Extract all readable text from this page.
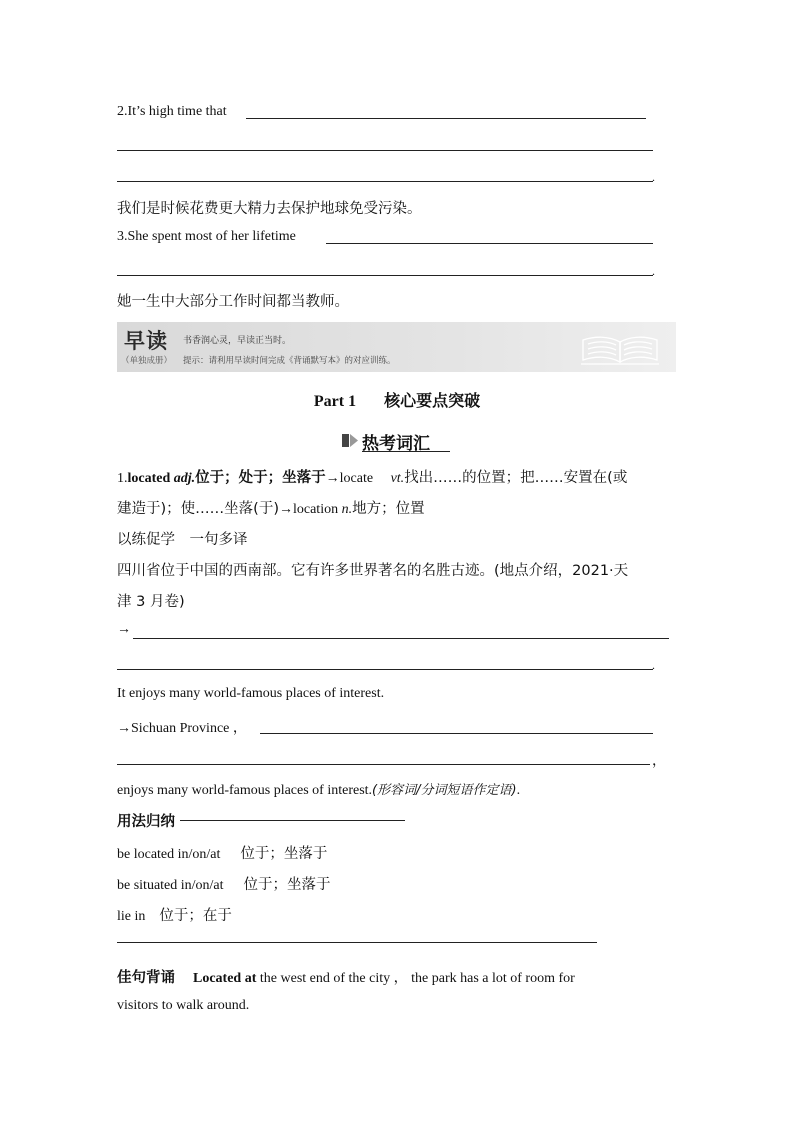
2.It’s high time that
.
我们是时候花费更大精力去保护地球免受污染。
3.She spent most of her lifetime
.
她一生中大部分工作时间都当教师。
早读 书香润心灵，早读正当时。
（单独成册） 提示：请利用早读时间完成《背诵默写本》的对应训练。
Part 1 核心要点突破
热考词汇
1.located adj.位于；处于；坐落于→locate vt.找出……的位置；把……安置在(或
建造于)；使……坐落(于)→location n.地方；位置
以练促学　一句多译
四川省位于中国的西南部。它有许多世界著名的名胜古迹。(地点介绍，2021·天
津 3 月卷)
→
.
It enjoys many world-famous places of interest.
→Sichuan Province ，
，
enjoys many world-famous places of interest.(形容词/分词短语作定语).
用法归纳
be located in/on/at 位于；坐落于
be situated in/on/at 位于；坐落于
lie in 位于；在于
佳句背诵 Located at the west end of the city ， the park has a lot of room for
visitors to walk around.
